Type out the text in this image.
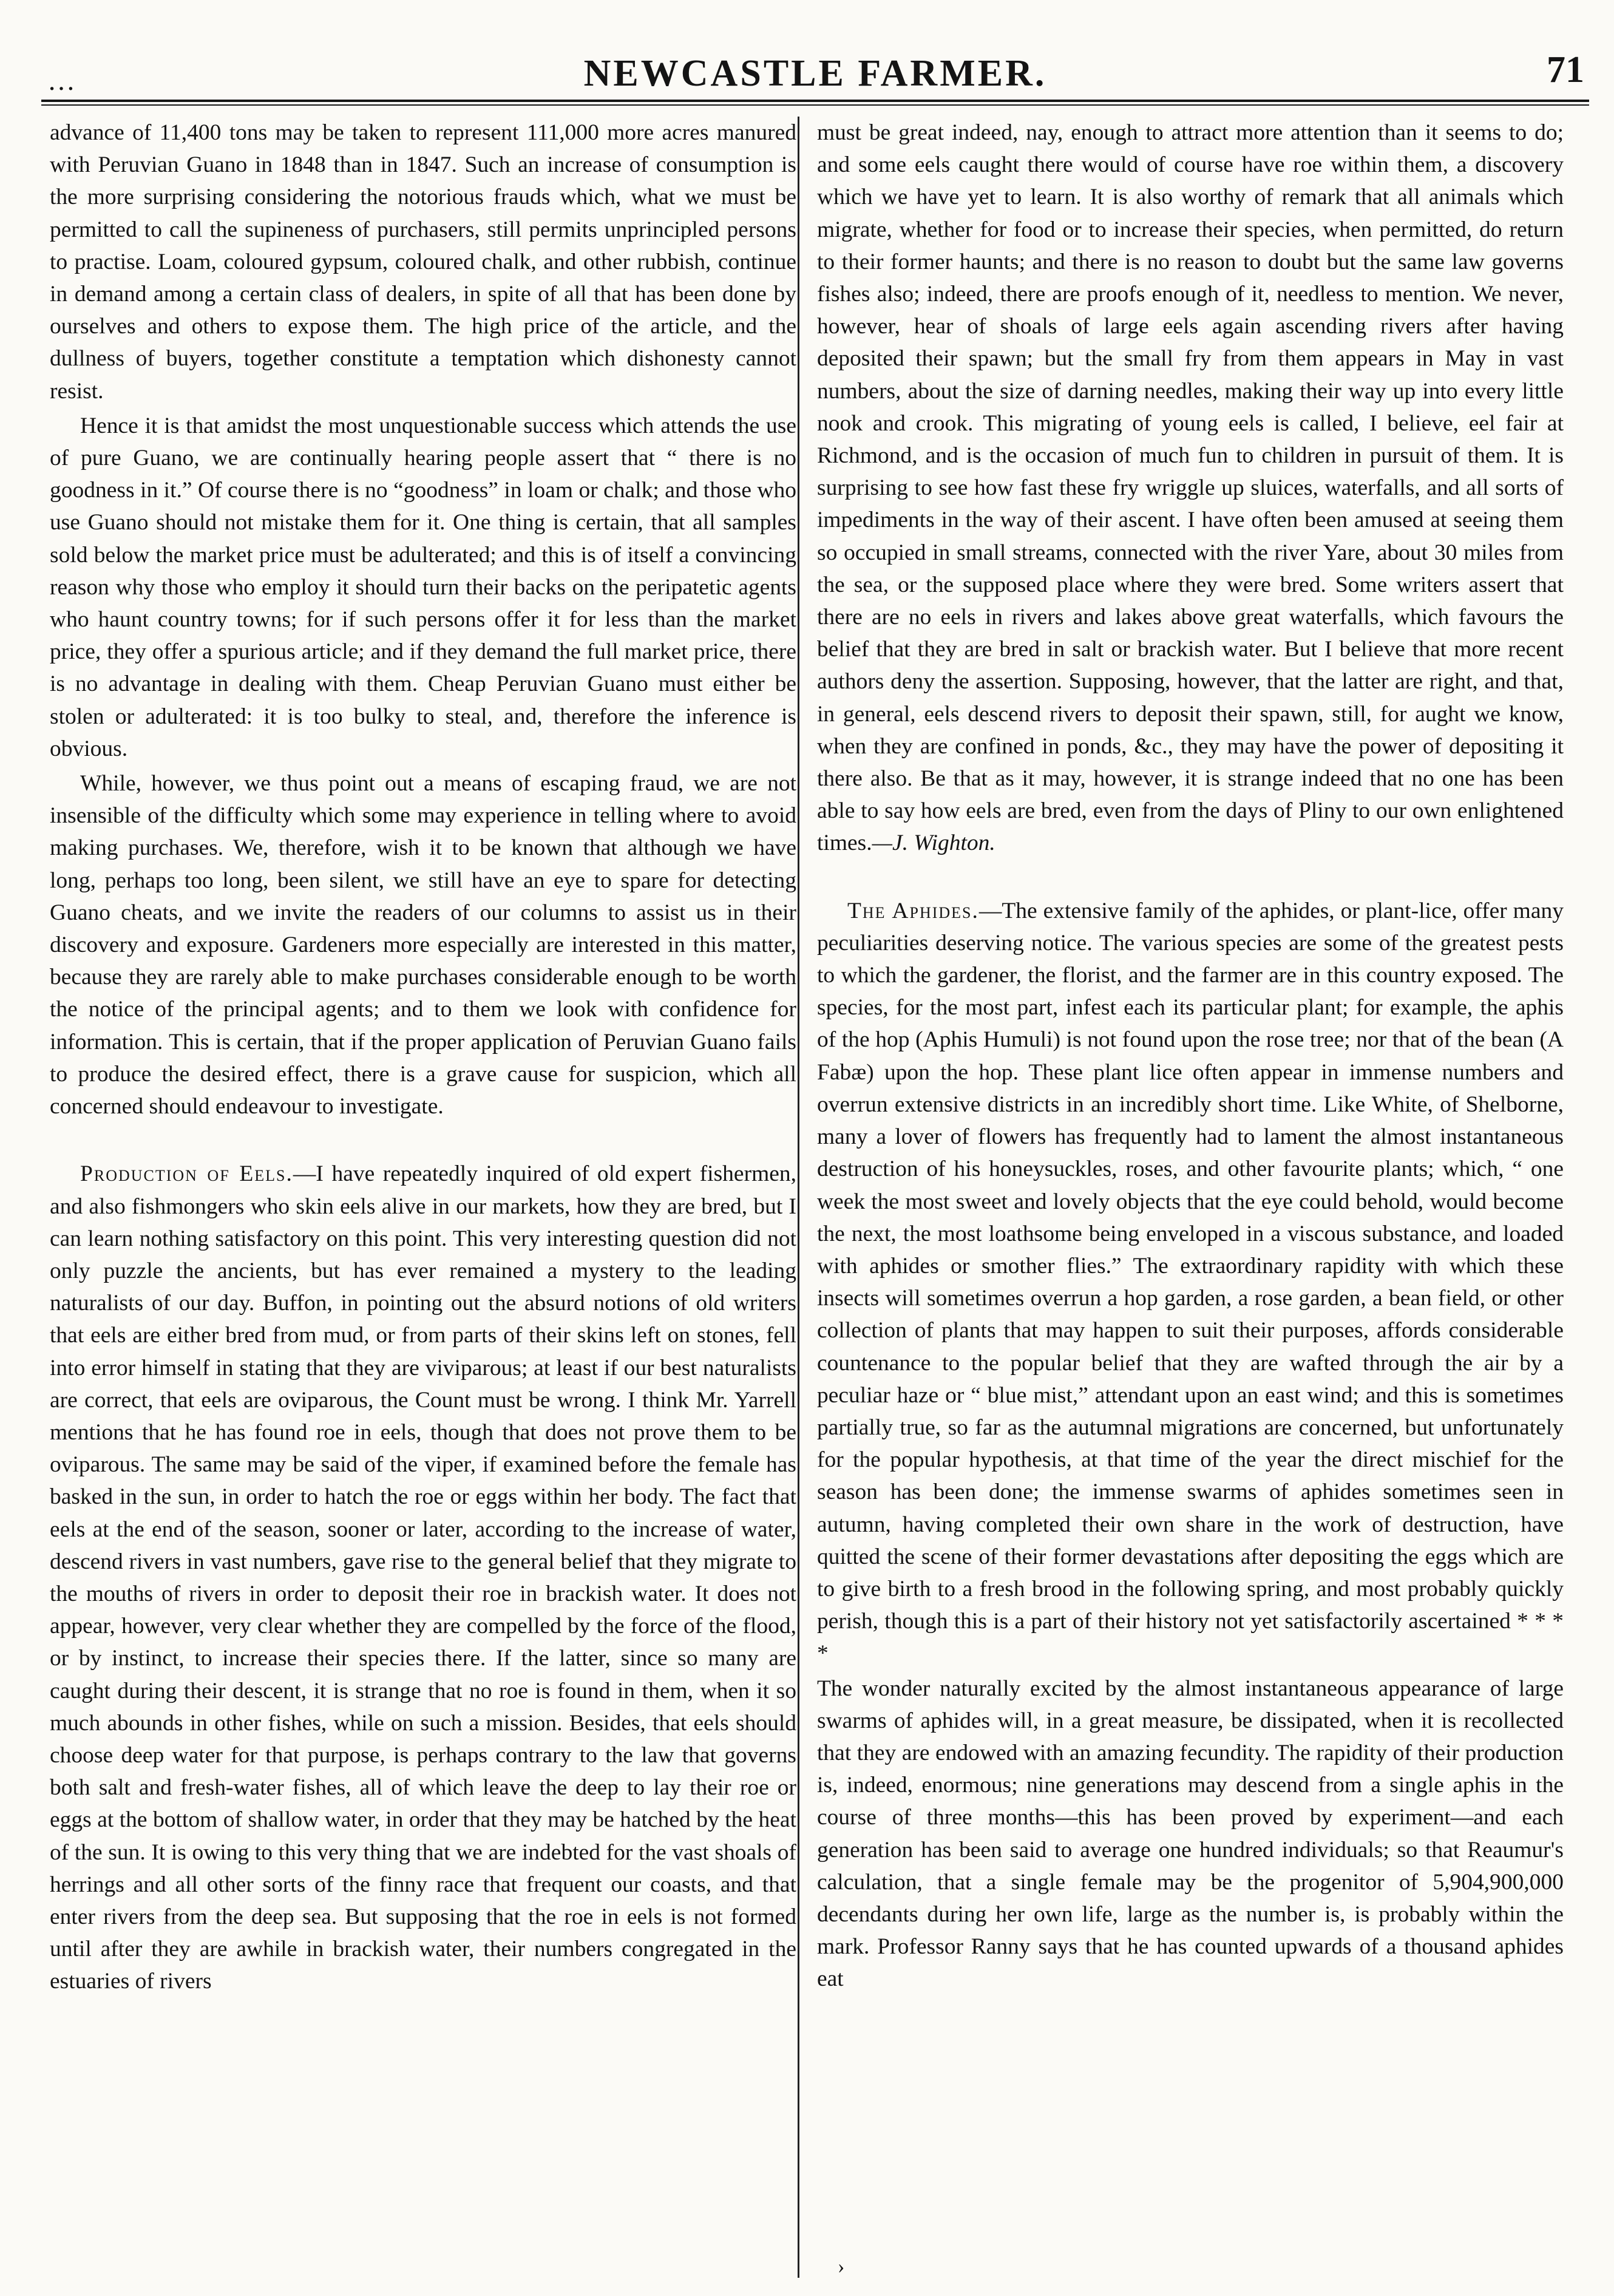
…	NEWCASTLE FARMER.	71

advance of 11,400 tons may be taken to represent 111,000 more acres manured with Peruvian Guano in 1848 than in 1847. Such an increase of consumption is the more surprising considering the notorious frauds which, what we must be permitted to call the supineness of purchasers, still permits unprincipled persons to practise. Loam, coloured gypsum, coloured chalk, and other rubbish, continue in demand among a certain class of dealers, in spite of all that has been done by ourselves and others to expose them. The high price of the article, and the dullness of buyers, together constitute a temptation which dishonesty cannot resist.

Hence it is that amidst the most unquestionable success which attends the use of pure Guano, we are continually hearing people assert that “ there is no goodness in it.” Of course there is no “goodness” in loam or chalk; and those who use Guano should not mistake them for it. One thing is certain, that all samples sold below the market price must be adulterated; and this is of itself a convincing reason why those who employ it should turn their backs on the peripatetic agents who haunt country towns; for if such persons offer it for less than the market price, they offer a spurious article; and if they demand the full market price, there is no advantage in dealing with them. Cheap Peruvian Guano must either be stolen or adulterated: it is too bulky to steal, and, therefore the inference is obvious.

While, however, we thus point out a means of escaping fraud, we are not insensible of the difficulty which some may experience in telling where to avoid making purchases. We, therefore, wish it to be known that although we have long, perhaps too long, been silent, we still have an eye to spare for detecting Guano cheats, and we invite the readers of our columns to assist us in their discovery and exposure. Gardeners more especially are interested in this matter, because they are rarely able to make purchases considerable enough to be worth the notice of the principal agents; and to them we look with confidence for information. This is certain, that if the proper application of Peruvian Guano fails to produce the desired effect, there is a grave cause for suspicion, which all concerned should endeavour to investigate.

Production of Eels.—I have repeatedly inquired of old expert fishermen, and also fishmongers who skin eels alive in our markets, how they are bred, but I can learn nothing satisfactory on this point. This very interesting question did not only puzzle the ancients, but has ever remained a mystery to the leading naturalists of our day. Buffon, in pointing out the absurd notions of old writers that eels are either bred from mud, or from parts of their skins left on stones, fell into error himself in stating that they are viviparous; at least if our best naturalists are correct, that eels are oviparous, the Count must be wrong. I think Mr. Yarrell mentions that he has found roe in eels, though that does not prove them to be oviparous. The same may be said of the viper, if examined before the female has basked in the sun, in order to hatch the roe or eggs within her body. The fact that eels at the end of the season, sooner or later, according to the increase of water, descend rivers in vast numbers, gave rise to the general belief that they migrate to the mouths of rivers in order to deposit their roe in brackish water. It does not appear, however, very clear whether they are compelled by the force of the flood, or by instinct, to increase their species there. If the latter, since so many are caught during their descent, it is strange that no roe is found in them, when it so much abounds in other fishes, while on such a mission. Besides, that eels should choose deep water for that purpose, is perhaps contrary to the law that governs both salt and fresh-water fishes, all of which leave the deep to lay their roe or eggs at the bottom of shallow water, in order that they may be hatched by the heat of the sun. It is owing to this very thing that we are indebted for the vast shoals of herrings and all other sorts of the finny race that frequent our coasts, and that enter rivers from the deep sea. But supposing that the roe in eels is not formed until after they are awhile in brackish water, their numbers congregated in the estuaries of rivers

must be great indeed, nay, enough to attract more attention than it seems to do; and some eels caught there would of course have roe within them, a discovery which we have yet to learn. It is also worthy of remark that all animals which migrate, whether for food or to increase their species, when permitted, do return to their former haunts; and there is no reason to doubt but the same law governs fishes also; indeed, there are proofs enough of it, needless to mention. We never, however, hear of shoals of large eels again ascending rivers after having deposited their spawn; but the small fry from them appears in May in vast numbers, about the size of darning needles, making their way up into every little nook and crook. This migrating of young eels is called, I believe, eel fair at Richmond, and is the occasion of much fun to children in pursuit of them. It is surprising to see how fast these fry wriggle up sluices, waterfalls, and all sorts of impediments in the way of their ascent. I have often been amused at seeing them so occupied in small streams, connected with the river Yare, about 30 miles from the sea, or the supposed place where they were bred. Some writers assert that there are no eels in rivers and lakes above great waterfalls, which favours the belief that they are bred in salt or brackish water. But I believe that more recent authors deny the assertion. Supposing, however, that the latter are right, and that, in general, eels descend rivers to deposit their spawn, still, for aught we know, when they are confined in ponds, &c., they may have the power of depositing it there also. Be that as it may, however, it is strange indeed that no one has been able to say how eels are bred, even from the days of Pliny to our own enlightened times.—J. Wighton.

The Aphides.—The extensive family of the aphides, or plant-lice, offer many peculiarities deserving notice. The various species are some of the greatest pests to which the gardener, the florist, and the farmer are in this country exposed. The species, for the most part, infest each its particular plant; for example, the aphis of the hop (Aphis Humuli) is not found upon the rose tree; nor that of the bean (A Fabæ) upon the hop. These plant lice often appear in immense numbers and overrun extensive districts in an incredibly short time. Like White, of Shelborne, many a lover of flowers has frequently had to lament the almost instantaneous destruction of his honeysuckles, roses, and other favourite plants; which, “ one week the most sweet and lovely objects that the eye could behold, would become the next, the most loathsome being enveloped in a viscous substance, and loaded with aphides or smother flies.” The extraordinary rapidity with which these insects will sometimes overrun a hop garden, a rose garden, a bean field, or other collection of plants that may happen to suit their purposes, affords considerable countenance to the popular belief that they are wafted through the air by a peculiar haze or “ blue mist,” attendant upon an east wind; and this is sometimes partially true, so far as the autumnal migrations are concerned, but unfortunately for the popular hypothesis, at that time of the year the direct mischief for the season has been done; the immense swarms of aphides sometimes seen in autumn, having completed their own share in the work of destruction, have quitted the scene of their former devastations after depositing the eggs which are to give birth to a fresh brood in the following spring, and most probably quickly perish, though this is a part of their history not yet satisfactorily ascertained * * * *

The wonder naturally excited by the almost instantaneous appearance of large swarms of aphides will, in a great measure, be dissipated, when it is recollected that they are endowed with an amazing fecundity. The rapidity of their production is, indeed, enormous; nine generations may descend from a single aphis in the course of three months—this has been proved by experiment—and each generation has been said to average one hundred individuals; so that Reaumur's calculation, that a single female may be the progenitor of 5,904,900,000 decendants during her own life, large as the number is, is probably within the mark. Professor Ranny says that he has counted upwards of a thousand aphides eat

›
